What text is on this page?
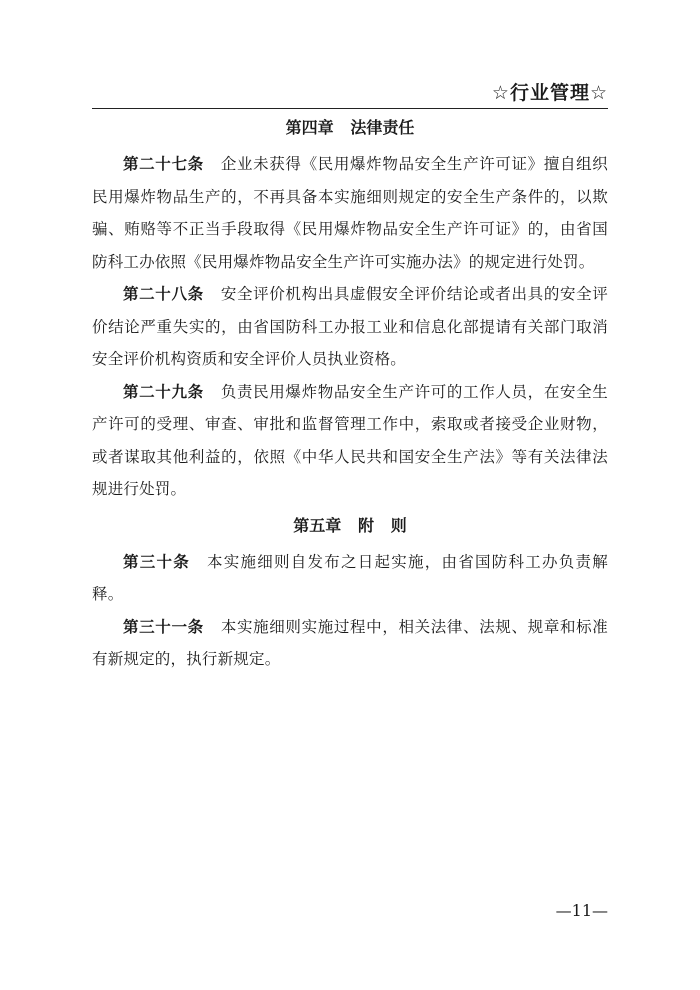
☆行业管理☆
第四章   法律责任

第二十七条 企业未获得《民用爆炸物品安全生产许可证》擅自组织民用爆炸物品生产的，不再具备本实施细则规定的安全生产条件的，以欺骗、贿赂等不正当手段取得《民用爆炸物品安全生产许可证》的，由省国防科工办依照《民用爆炸物品安全生产许可实施办法》的规定进行处罚。

第二十八条 安全评价机构出具虚假安全评价结论或者出具的安全评价结论严重失实的，由省国防科工办报工业和信息化部提请有关部门取消安全评价机构资质和安全评价人员执业资格。

第二十九条 负责民用爆炸物品安全生产许可的工作人员，在安全生产许可的受理、审查、审批和监督管理工作中，索取或者接受企业财物，或者谋取其他利益的，依照《中华人民共和国安全生产法》等有关法律法规进行处罚。

第五章   附   则

第三十条 本实施细则自发布之日起实施，由省国防科工办负责解释。

第三十一条 本实施细则实施过程中，相关法律、法规、规章和标准有新规定的，执行新规定。

—11—
